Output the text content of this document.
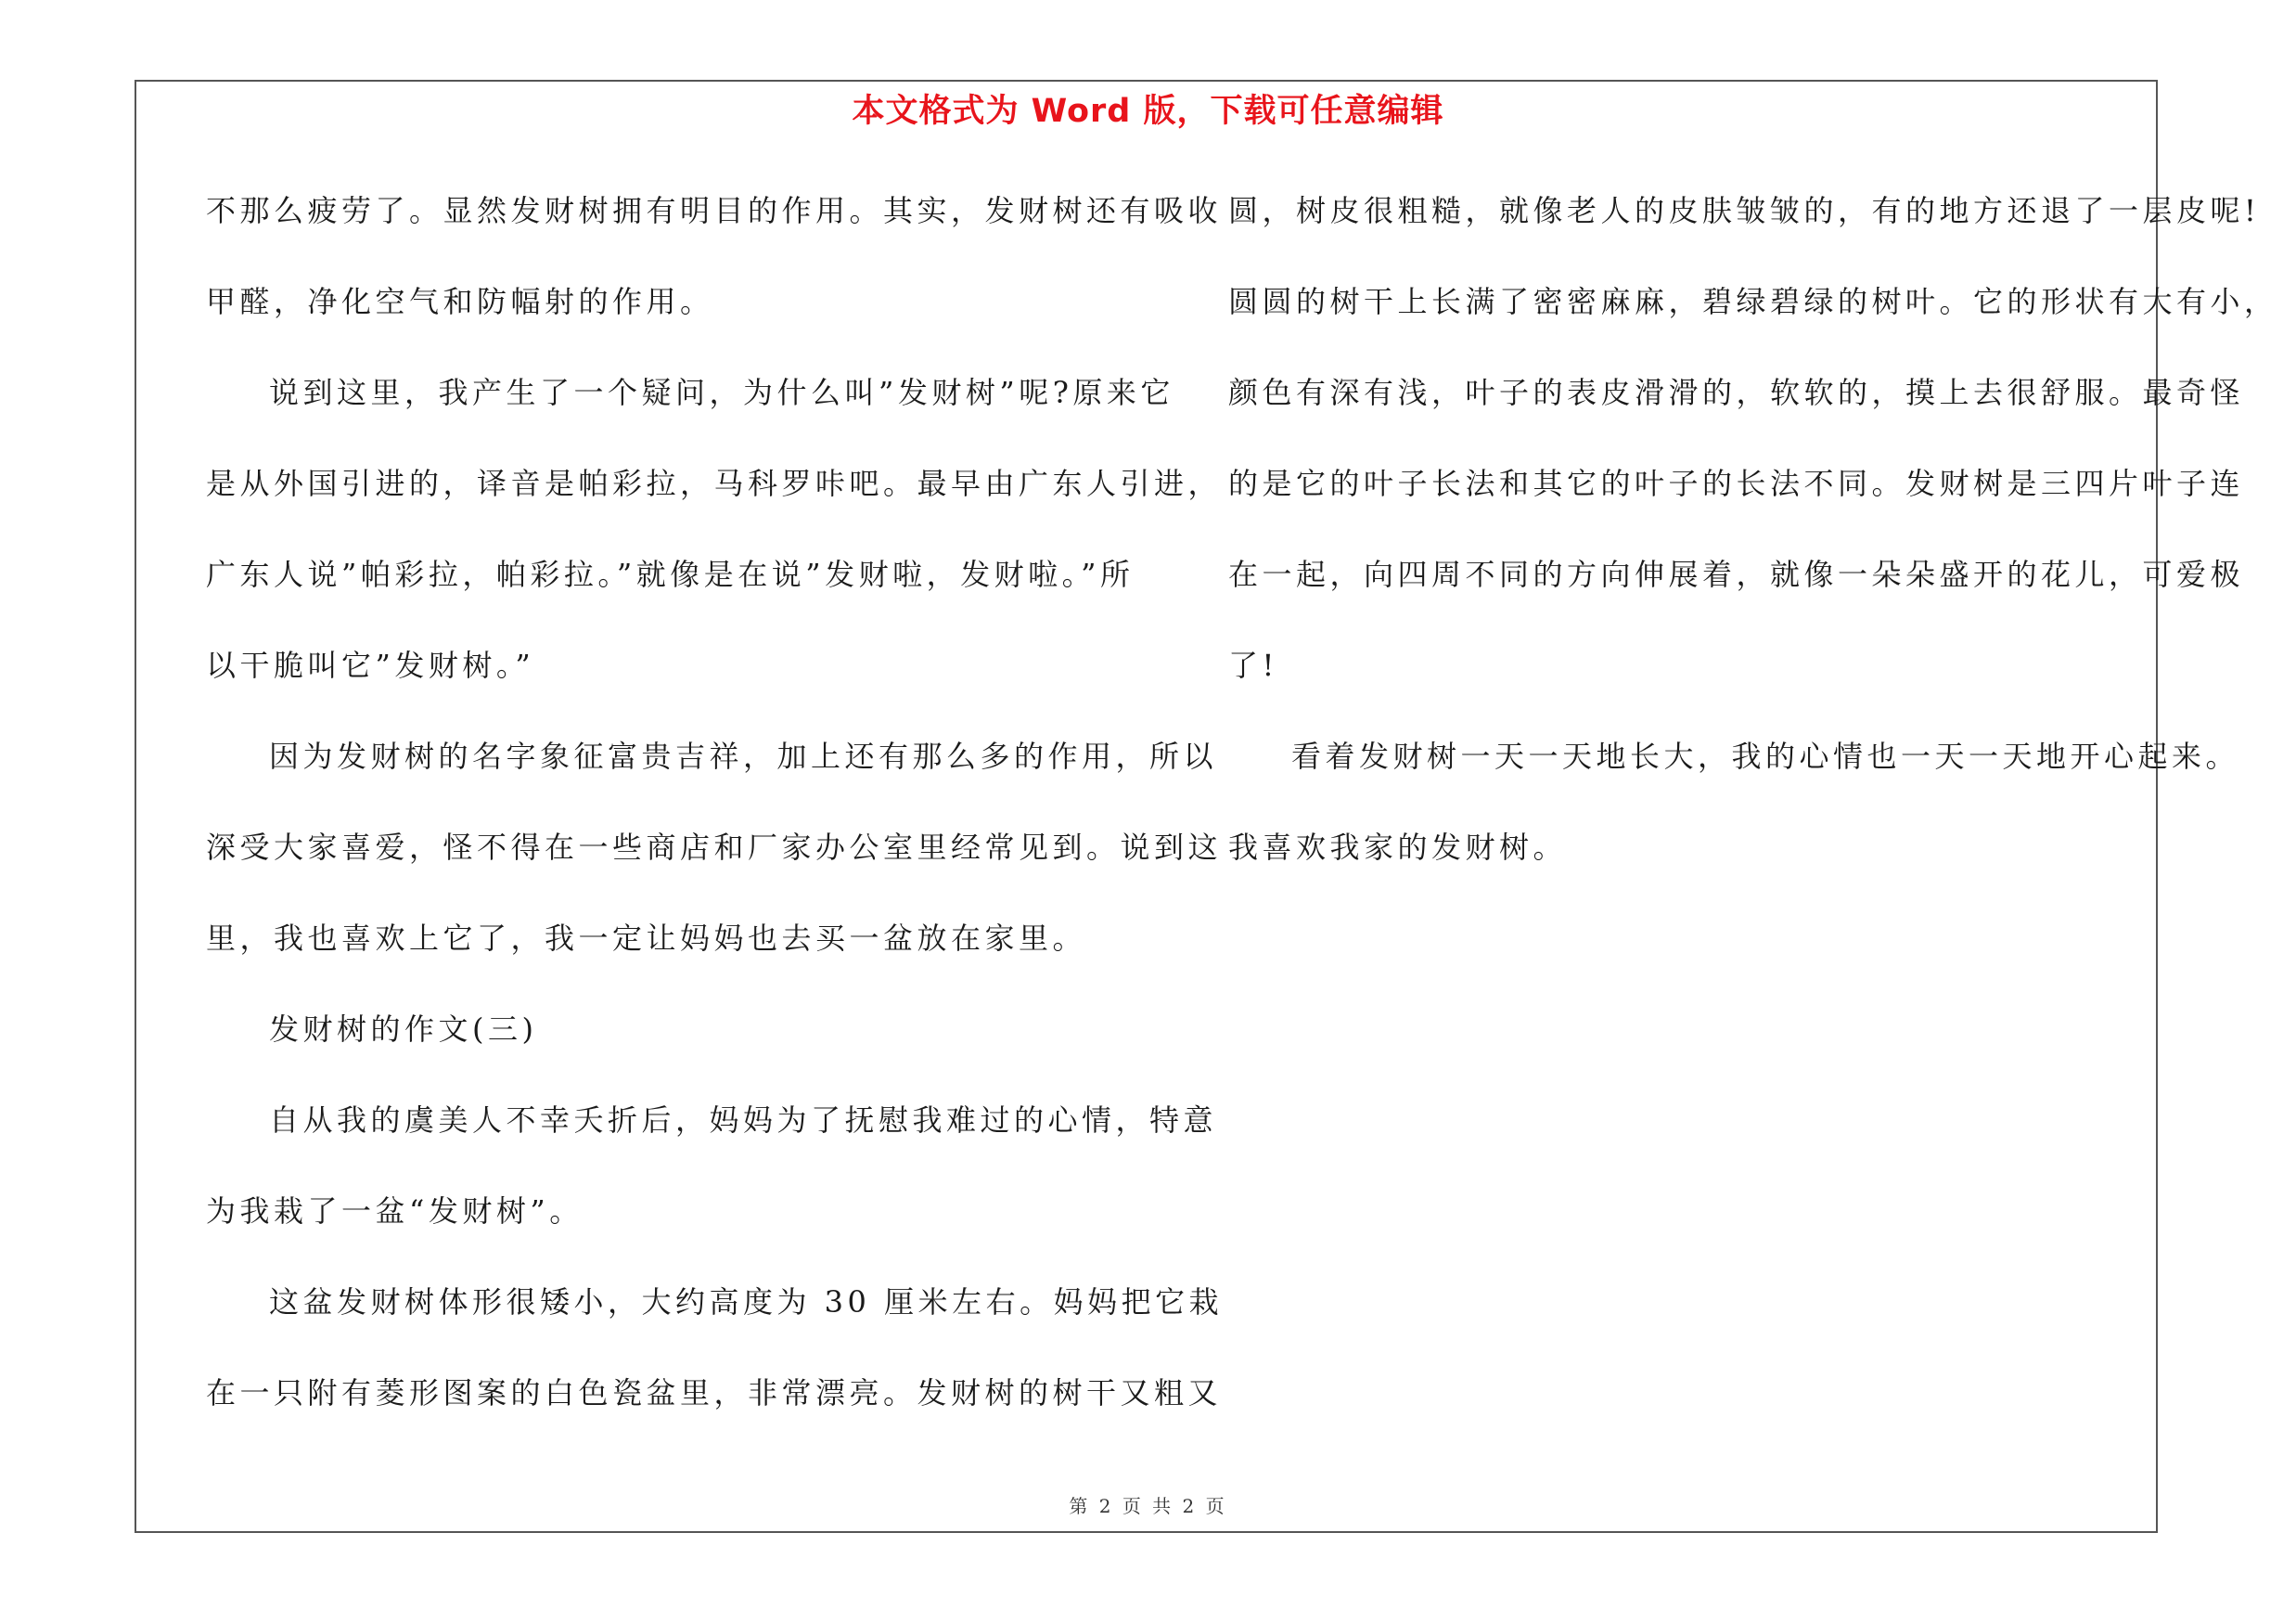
本文格式为 Word 版，下载可任意编辑
不那么疲劳了。显然发财树拥有明目的作用。其实，发财树还有吸收
甲醛，净化空气和防幅射的作用。
说到这里，我产生了一个疑问，为什么叫”发财树”呢?原来它
是从外国引进的，译音是帕彩拉，马科罗咔吧。最早由广东人引进，
广东人说”帕彩拉，帕彩拉。”就像是在说”发财啦，发财啦。”所
以干脆叫它”发财树。”
因为发财树的名字象征富贵吉祥，加上还有那么多的作用，所以
深受大家喜爱，怪不得在一些商店和厂家办公室里经常见到。说到这
里，我也喜欢上它了，我一定让妈妈也去买一盆放在家里。
发财树的作文(三)
自从我的虞美人不幸夭折后，妈妈为了抚慰我难过的心情，特意
为我栽了一盆“发财树”。
这盆发财树体形很矮小，大约高度为 30 厘米左右。妈妈把它栽
在一只附有菱形图案的白色瓷盆里，非常漂亮。发财树的树干又粗又
圆，树皮很粗糙，就像老人的皮肤皱皱的，有的地方还退了一层皮呢!
圆圆的树干上长满了密密麻麻，碧绿碧绿的树叶。它的形状有大有小，
颜色有深有浅，叶子的表皮滑滑的，软软的，摸上去很舒服。最奇怪
的是它的叶子长法和其它的叶子的长法不同。发财树是三四片叶子连
在一起，向四周不同的方向伸展着，就像一朵朵盛开的花儿，可爱极
了!
看着发财树一天一天地长大，我的心情也一天一天地开心起来。
我喜欢我家的发财树。
第 2 页 共 2 页
